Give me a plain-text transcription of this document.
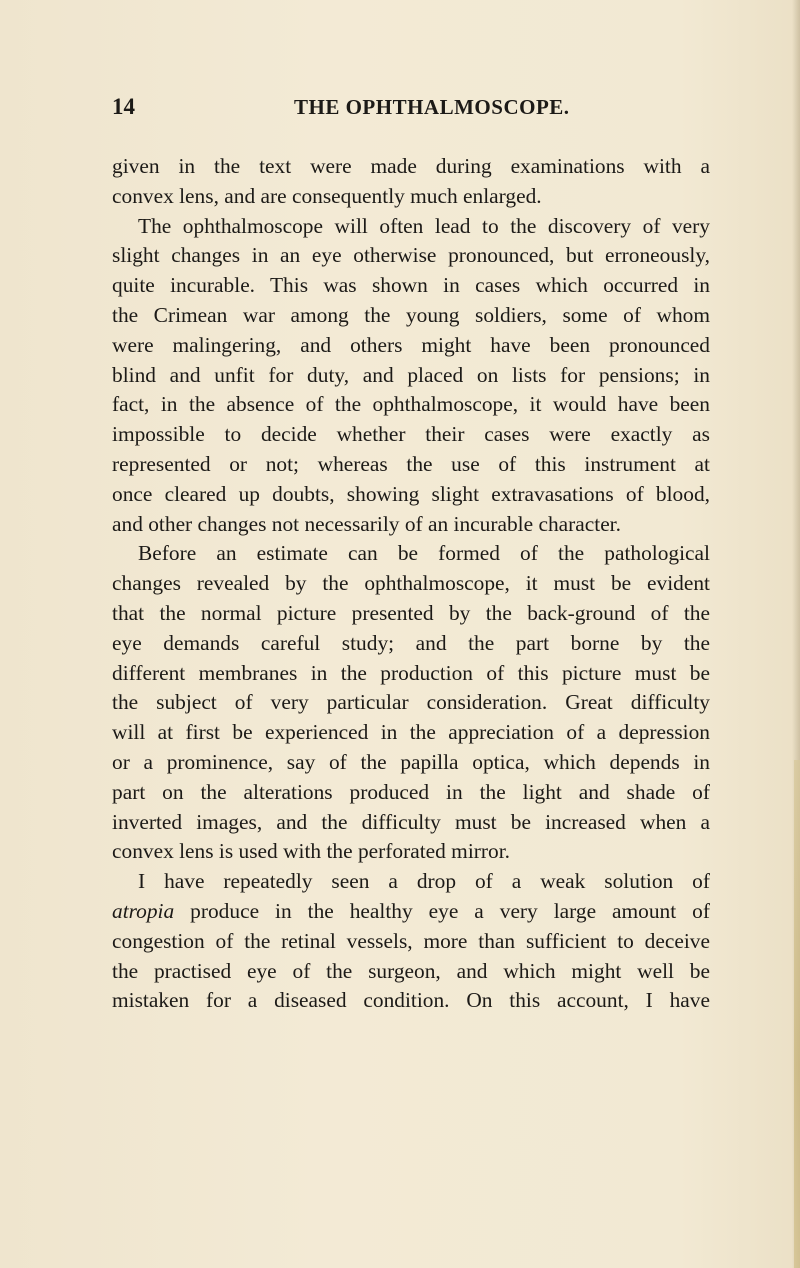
14	THE OPHTHALMOSCOPE.
given in the text were made during examinations with a
convex lens, and are consequently much enlarged.
The ophthalmoscope will often lead to the discovery of very
slight changes in an eye otherwise pronounced, but erroneously,
quite incurable. This was shown in cases which occurred in
the Crimean war among the young soldiers, some of whom
were malingering, and others might have been pronounced
blind and unfit for duty, and placed on lists for pensions; in
fact, in the absence of the ophthalmoscope, it would have been
impossible to decide whether their cases were exactly as
represented or not; whereas the use of this instrument at
once cleared up doubts, showing slight extravasations of blood,
and other changes not necessarily of an incurable character.
Before an estimate can be formed of the pathological
changes revealed by the ophthalmoscope, it must be evident
that the normal picture presented by the back-ground of the
eye demands careful study; and the part borne by the
different membranes in the production of this picture must be
the subject of very particular consideration. Great difficulty
will at first be experienced in the appreciation of a depression
or a prominence, say of the papilla optica, which depends in
part on the alterations produced in the light and shade of
inverted images, and the difficulty must be increased when a
convex lens is used with the perforated mirror.
I have repeatedly seen a drop of a weak solution of
atropia produce in the healthy eye a very large amount of
congestion of the retinal vessels, more than sufficient to deceive
the practised eye of the surgeon, and which might well be
mistaken for a diseased condition. On this account, I have
